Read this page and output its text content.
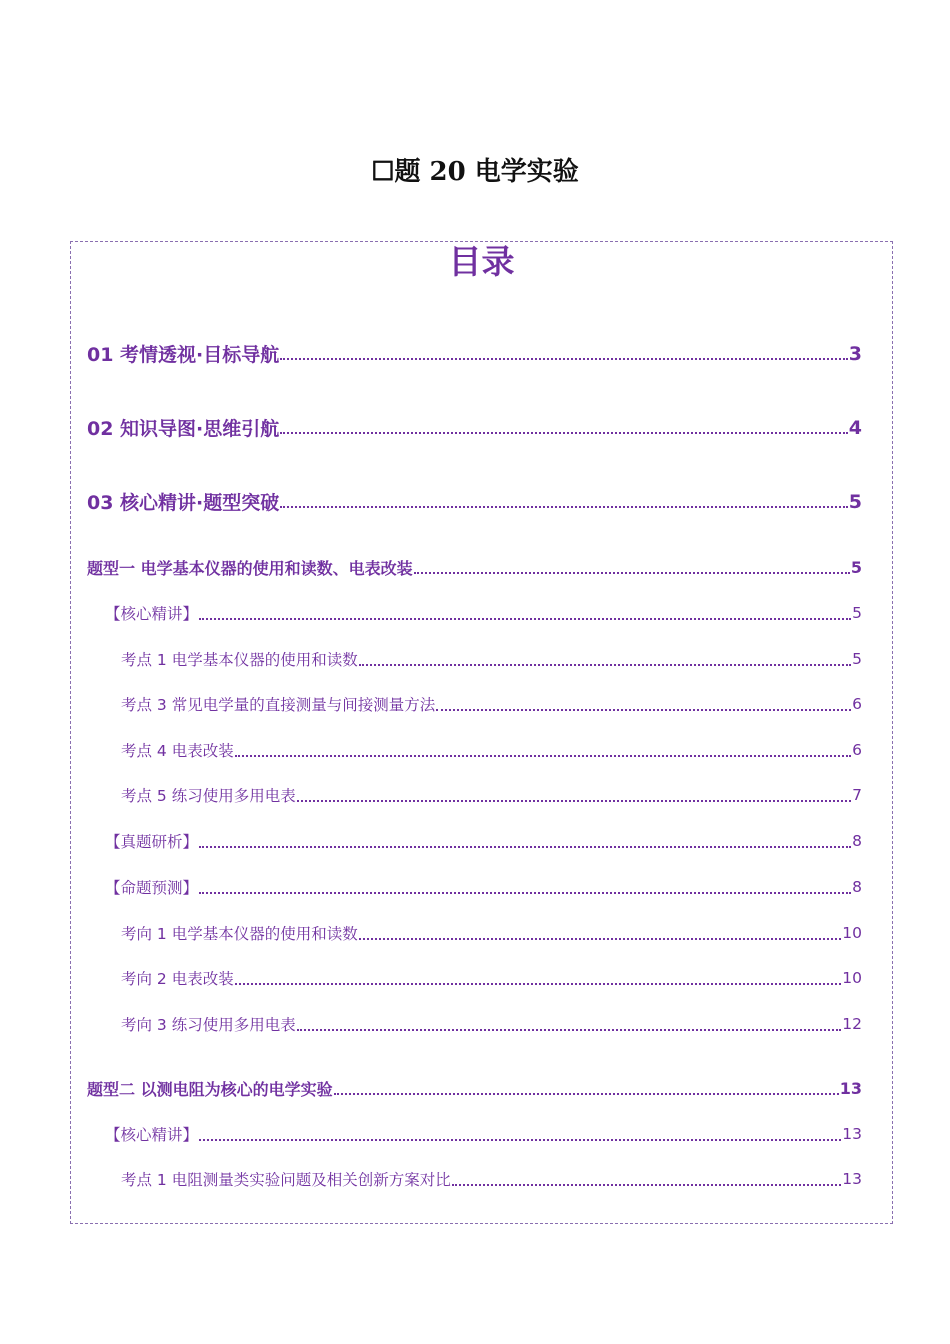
☐题 20 电学实验
目录
01 考情透视·目标导航	3
02 知识导图·思维引航	4
03 核心精讲·题型突破	5
题型一 电学基本仪器的使用和读数、电表改装	5
【核心精讲】	5
考点 1 电学基本仪器的使用和读数	5
考点 3 常见电学量的直接测量与间接测量方法	6
考点 4 电表改装	6
考点 5 练习使用多用电表	7
【真题研析】	8
【命题预测】	8
考向 1 电学基本仪器的使用和读数	10
考向 2 电表改装	10
考向 3 练习使用多用电表	12
题型二 以测电阻为核心的电学实验	13
【核心精讲】	13
考点 1 电阻测量类实验问题及相关创新方案对比	13
